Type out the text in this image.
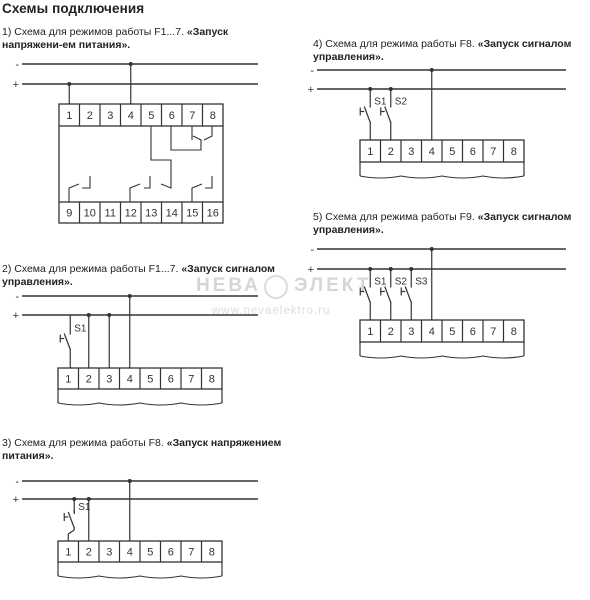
Схемы подключения
1) Схема для режимов работы F1...7. «Запуск напряжени-ем питания».
2) Схема для режима работы F1...7. «Запуск сигналом управления».
3) Схема для режима работы F8. «Запуск напряжением питания».
4) Схема для режима работы F8. «Запуск сигналом управления».
5) Схема для режима работы F9. «Запуск сигналом управления».
НЕВА ЭЛЕКТ
www.nevaelektro.ru
-
+
1 2 3 4 5 6 7 8
9 10 11 12 13 14 15 16
-
+
S1
1 2 3 4 5 6 7 8
-
+
S1
1 2 3 4 5 6 7 8
-
+
S1 S2
1 2 3 4 5 6 7 8
-
+
S1 S2 S3
1 2 3 4 5 6 7 8
